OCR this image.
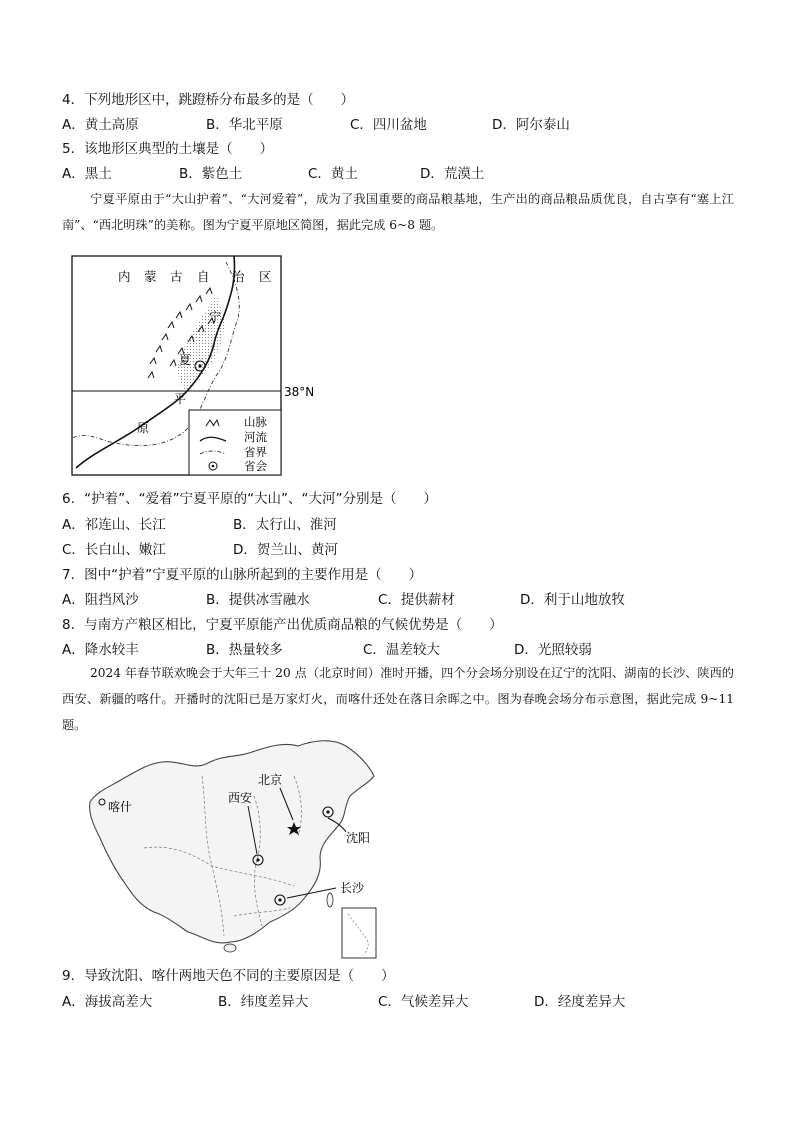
4．下列地形区中，跳蹬桥分布最多的是（　　）
A．黄土高原	B．华北平原	C．四川盆地	D．阿尔泰山
5．该地形区典型的土壤是（　　）
A．黑土	B．紫色土	C．黄土	D．荒漠土
宁夏平原由于“大山护着”、“大河爱着”，成为了我国重要的商品粮基地，生产出的商品粮品质优良，自古享有“塞上江南”、“西北明珠”的美称。图为宁夏平原地区简图，据此完成 6~8 题。
内 蒙 古 自 治 区
宁
夏
平
原
38°N
山脉
河流
省界
省会
6．“护着”、“爱着”宁夏平原的“大山”、“大河”分别是（　　）
A．祁连山、长江	B．太行山、淮河
C．长白山、嫩江	D．贺兰山、黄河
7．图中“护着”宁夏平原的山脉所起到的主要作用是（　　）
A．阻挡风沙	B．提供冰雪融水	C．提供薪材	D．利于山地放牧
8．与南方产粮区相比，宁夏平原能产出优质商品粮的气候优势是（　　）
A．降水较丰	B．热量较多	C．温差较大	D．光照较弱
2024 年春节联欢晚会于大年三十 20 点（北京时间）准时开播，四个分会场分别设在辽宁的沈阳、湖南的长沙、陕西的西安、新疆的喀什。开播时的沈阳已是万家灯火，而喀什还处在落日余晖之中。图为春晚会场分布示意图，据此完成 9~11 题。
喀什
北京
沈阳
西安
长沙
9．导致沈阳、喀什两地天色不同的主要原因是（　　）
A．海拔高差大	B．纬度差异大	C．气候差异大	D．经度差异大
